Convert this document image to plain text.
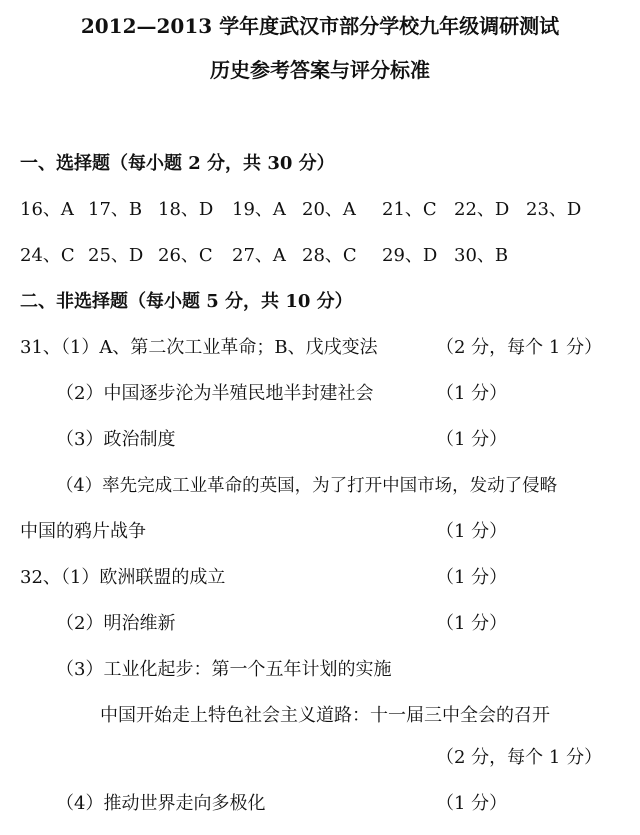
2012—2013 学年度武汉市部分学校九年级调研测试
历史参考答案与评分标准
一、选择题（每小题 2 分，共 30 分）
16、A 17、B 18、D 19、A 20、A 21、C 22、D 23、D
24、C 25、D 26、C 27、A 28、C 29、D 30、B
二、非选择题（每小题 5 分，共 10 分）
31、（1）A、第二次工业革命；B、戊戌变法	（2 分，每个 1 分）
（2）中国逐步沦为半殖民地半封建社会	（1 分）
（3）政治制度	（1 分）
（4）率先完成工业革命的英国，为了打开中国市场，发动了侵略
中国的鸦片战争	（1 分）
32、（1）欧洲联盟的成立	（1 分）
（2）明治维新	（1 分）
（3）工业化起步：第一个五年计划的实施
中国开始走上特色社会主义道路：十一届三中全会的召开
（2 分，每个 1 分）
（4）推动世界走向多极化	（1 分）
